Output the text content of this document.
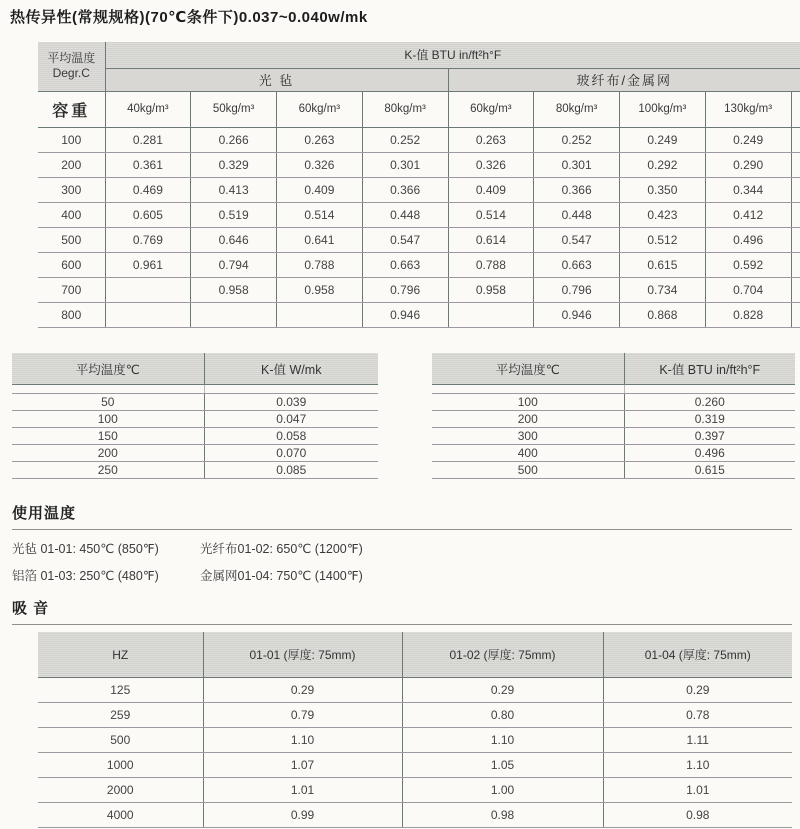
热传异性(常规规格)(70℃条件下)0.037~0.040w/mk
平均温度
Degr.C	K-值 BTU in/ft²h°F								
	光 毡				玻纤布/金属网				
容重	40kg/m³	50kg/m³	60kg/m³	80kg/m³	60kg/m³	80kg/m³	100kg/m³	130kg/m³	
100	0.281	0.266	0.263	0.252	0.263	0.252	0.249	0.249	
200	0.361	0.329	0.326	0.301	0.326	0.301	0.292	0.290	
300	0.469	0.413	0.409	0.366	0.409	0.366	0.350	0.344	
400	0.605	0.519	0.514	0.448	0.514	0.448	0.423	0.412	
500	0.769	0.646	0.641	0.547	0.614	0.547	0.512	0.496	
600	0.961	0.794	0.788	0.663	0.788	0.663	0.615	0.592	
700		0.958	0.958	0.796	0.958	0.796	0.734	0.704	
800				0.946		0.946	0.868	0.828	
平均温度℃	K-值 W/mk

50	0.039
100	0.047
150	0.058
200	0.070
250	0.085
平均温度℃	K-值 BTU in/ft²h°F

100	0.260
200	0.319
300	0.397
400	0.496
500	0.615
使用温度
光毡 01-01: 450℃ (850℉)	光纤布01-02: 650℃ (1200℉)
铝箔 01-03: 250℃ (480℉)	金属网01-04: 750℃ (1400℉)
吸 音
HZ	01-01 (厚度: 75mm)	01-02 (厚度: 75mm)	01-04 (厚度: 75mm)
125	0.29	0.29	0.29
259	0.79	0.80	0.78
500	1.10	1.10	1.11
1000	1.07	1.05	1.10
2000	1.01	1.00	1.01
4000	0.99	0.98	0.98
